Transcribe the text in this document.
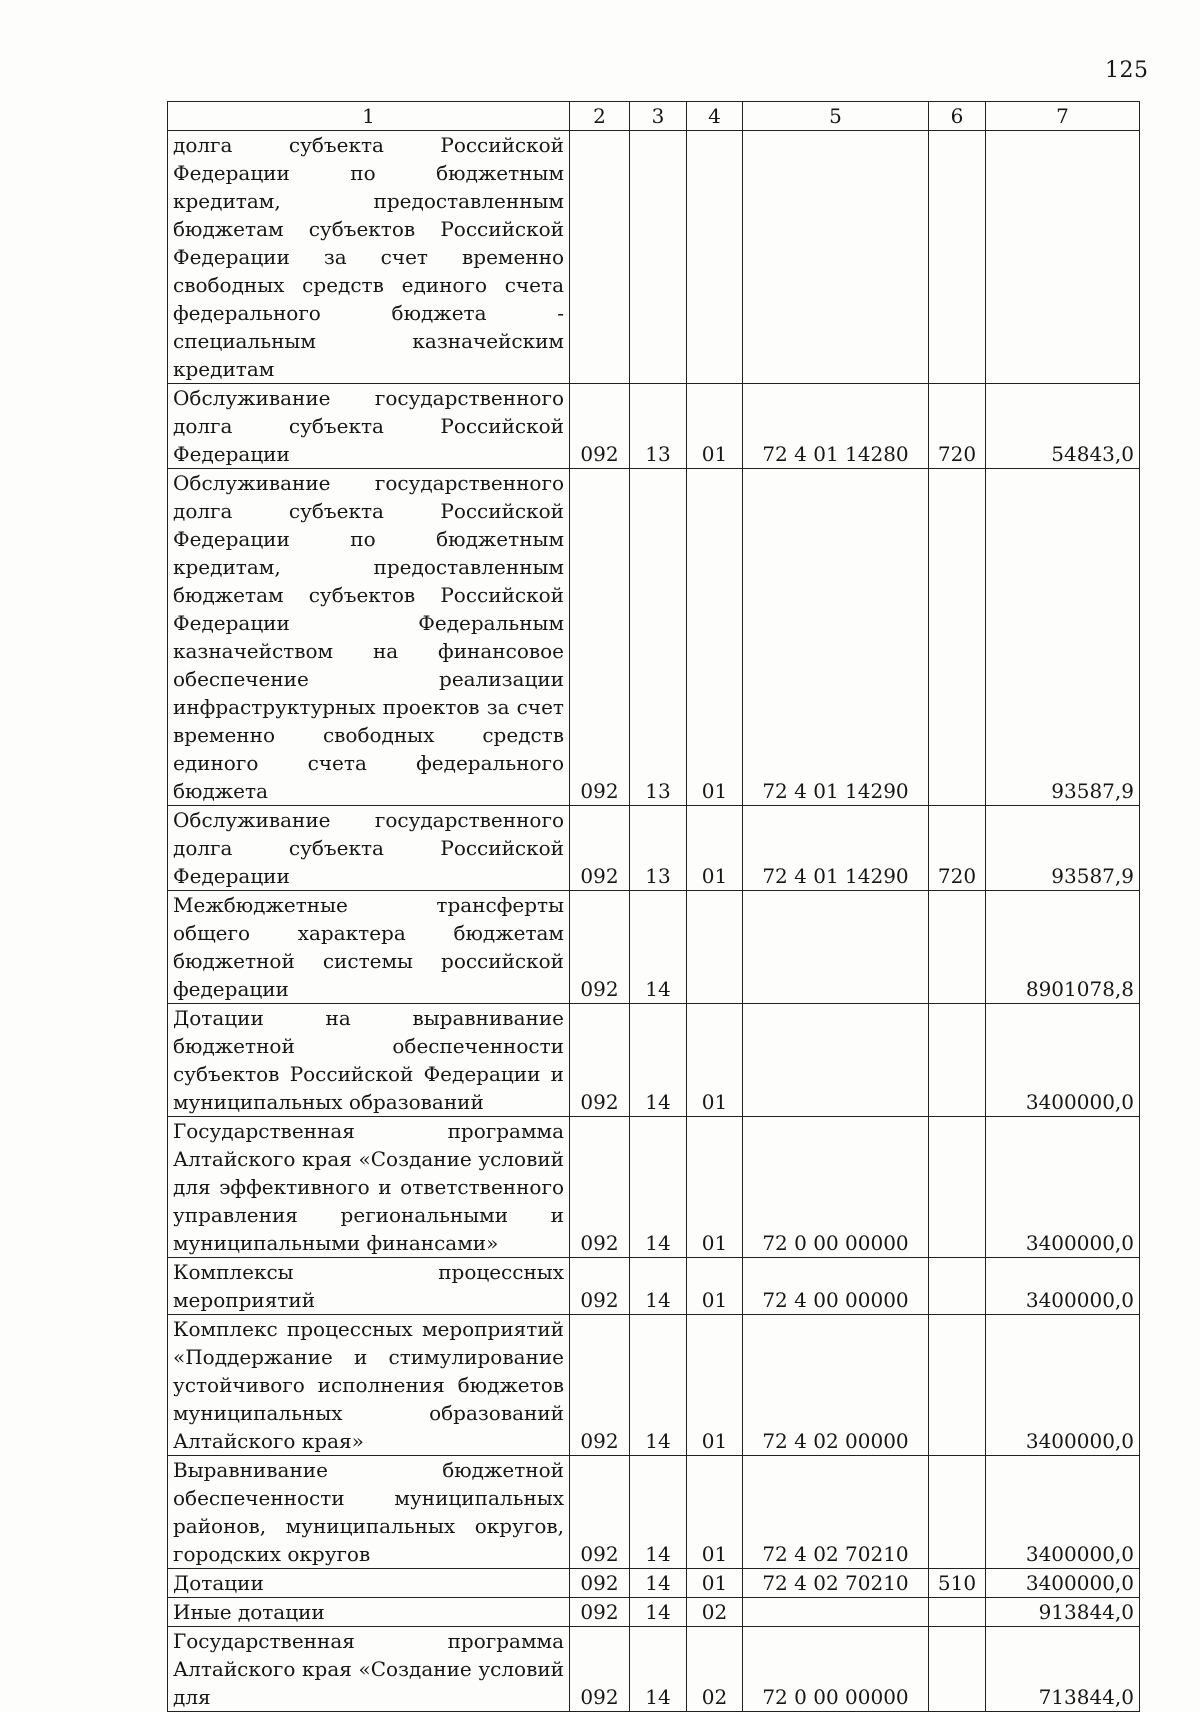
125
1	2	3	4	5	6	7
долга субъекта Российской Федерации по бюджетным кредитам, предоставленным бюджетам субъектов Российской Федерации за счет временно свободных средств единого счета федерального бюджета - специальным казначейским кредитам						
Обслуживание государственного долга субъекта Российской Федерации	092	13	01	72 4 01 14280	720	54843,0
Обслуживание государственного долга субъекта Российской Федерации по бюджетным кредитам, предоставленным бюджетам субъектов Российской Федерации Федеральным казначейством на финансовое обеспечение реализации инфраструктурных проектов за счет временно свободных средств единого счета федерального бюджета	092	13	01	72 4 01 14290		93587,9
Обслуживание государственного долга субъекта Российской Федерации	092	13	01	72 4 01 14290	720	93587,9
Межбюджетные трансферты общего характера бюджетам бюджетной системы российской федерации	092	14				8901078,8
Дотации на выравнивание бюджетной обеспеченности субъектов Российской Федерации и муниципальных образований	092	14	01			3400000,0
Государственная программа Алтайского края «Создание условий для эффективного и ответственного управления региональными и муниципальными финансами»	092	14	01	72 0 00 00000		3400000,0
Комплексы процессных мероприятий	092	14	01	72 4 00 00000		3400000,0
Комплекс процессных мероприятий «Поддержание и стимулирование устойчивого исполнения бюджетов муниципальных образований Алтайского края»	092	14	01	72 4 02 00000		3400000,0
Выравнивание бюджетной обеспеченности муниципальных районов, муниципальных округов, городских округов	092	14	01	72 4 02 70210		3400000,0
Дотации	092	14	01	72 4 02 70210	510	3400000,0
Иные дотации	092	14	02			913844,0
Государственная программа Алтайского края «Создание условий для	092	14	02	72 0 00 00000		713844,0
